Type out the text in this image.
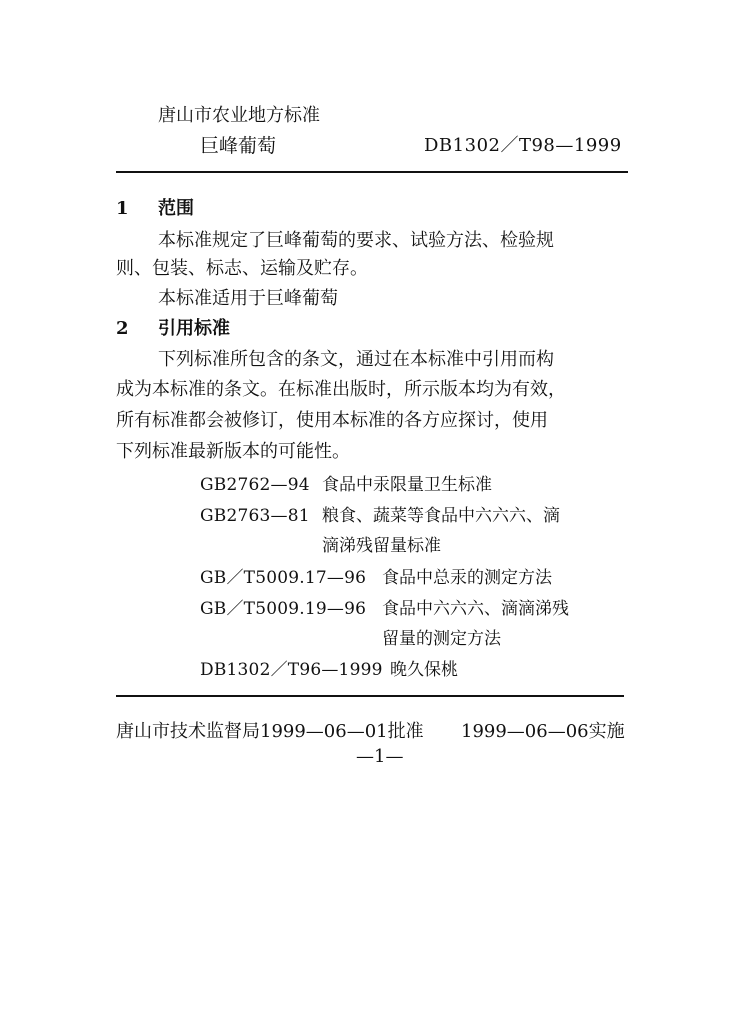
唐山市农业地方标准
巨峰葡萄	DB1302／T98—1999
1 范围
本标准规定了巨峰葡萄的要求、试验方法、检验规
则、包装、标志、运输及贮存。
本标准适用于巨峰葡萄
2 引用标准
下列标准所包含的条文，通过在本标准中引用而构
成为本标准的条文。在标准出版时，所示版本均为有效，
所有标准都会被修订，使用本标准的各方应探讨，使用
下列标准最新版本的可能性。
GB2762—94 食品中汞限量卫生标准
GB2763—81 粮食、蔬菜等食品中六六六、滴
滴涕残留量标准
GB／T5009.17—96 食品中总汞的测定方法
GB／T5009.19—96 食品中六六六、滴滴涕残
留量的测定方法
DB1302／T96—1999 晚久保桃
唐山市技术监督局1999—06—01批准 1999—06—06实施
—1—
